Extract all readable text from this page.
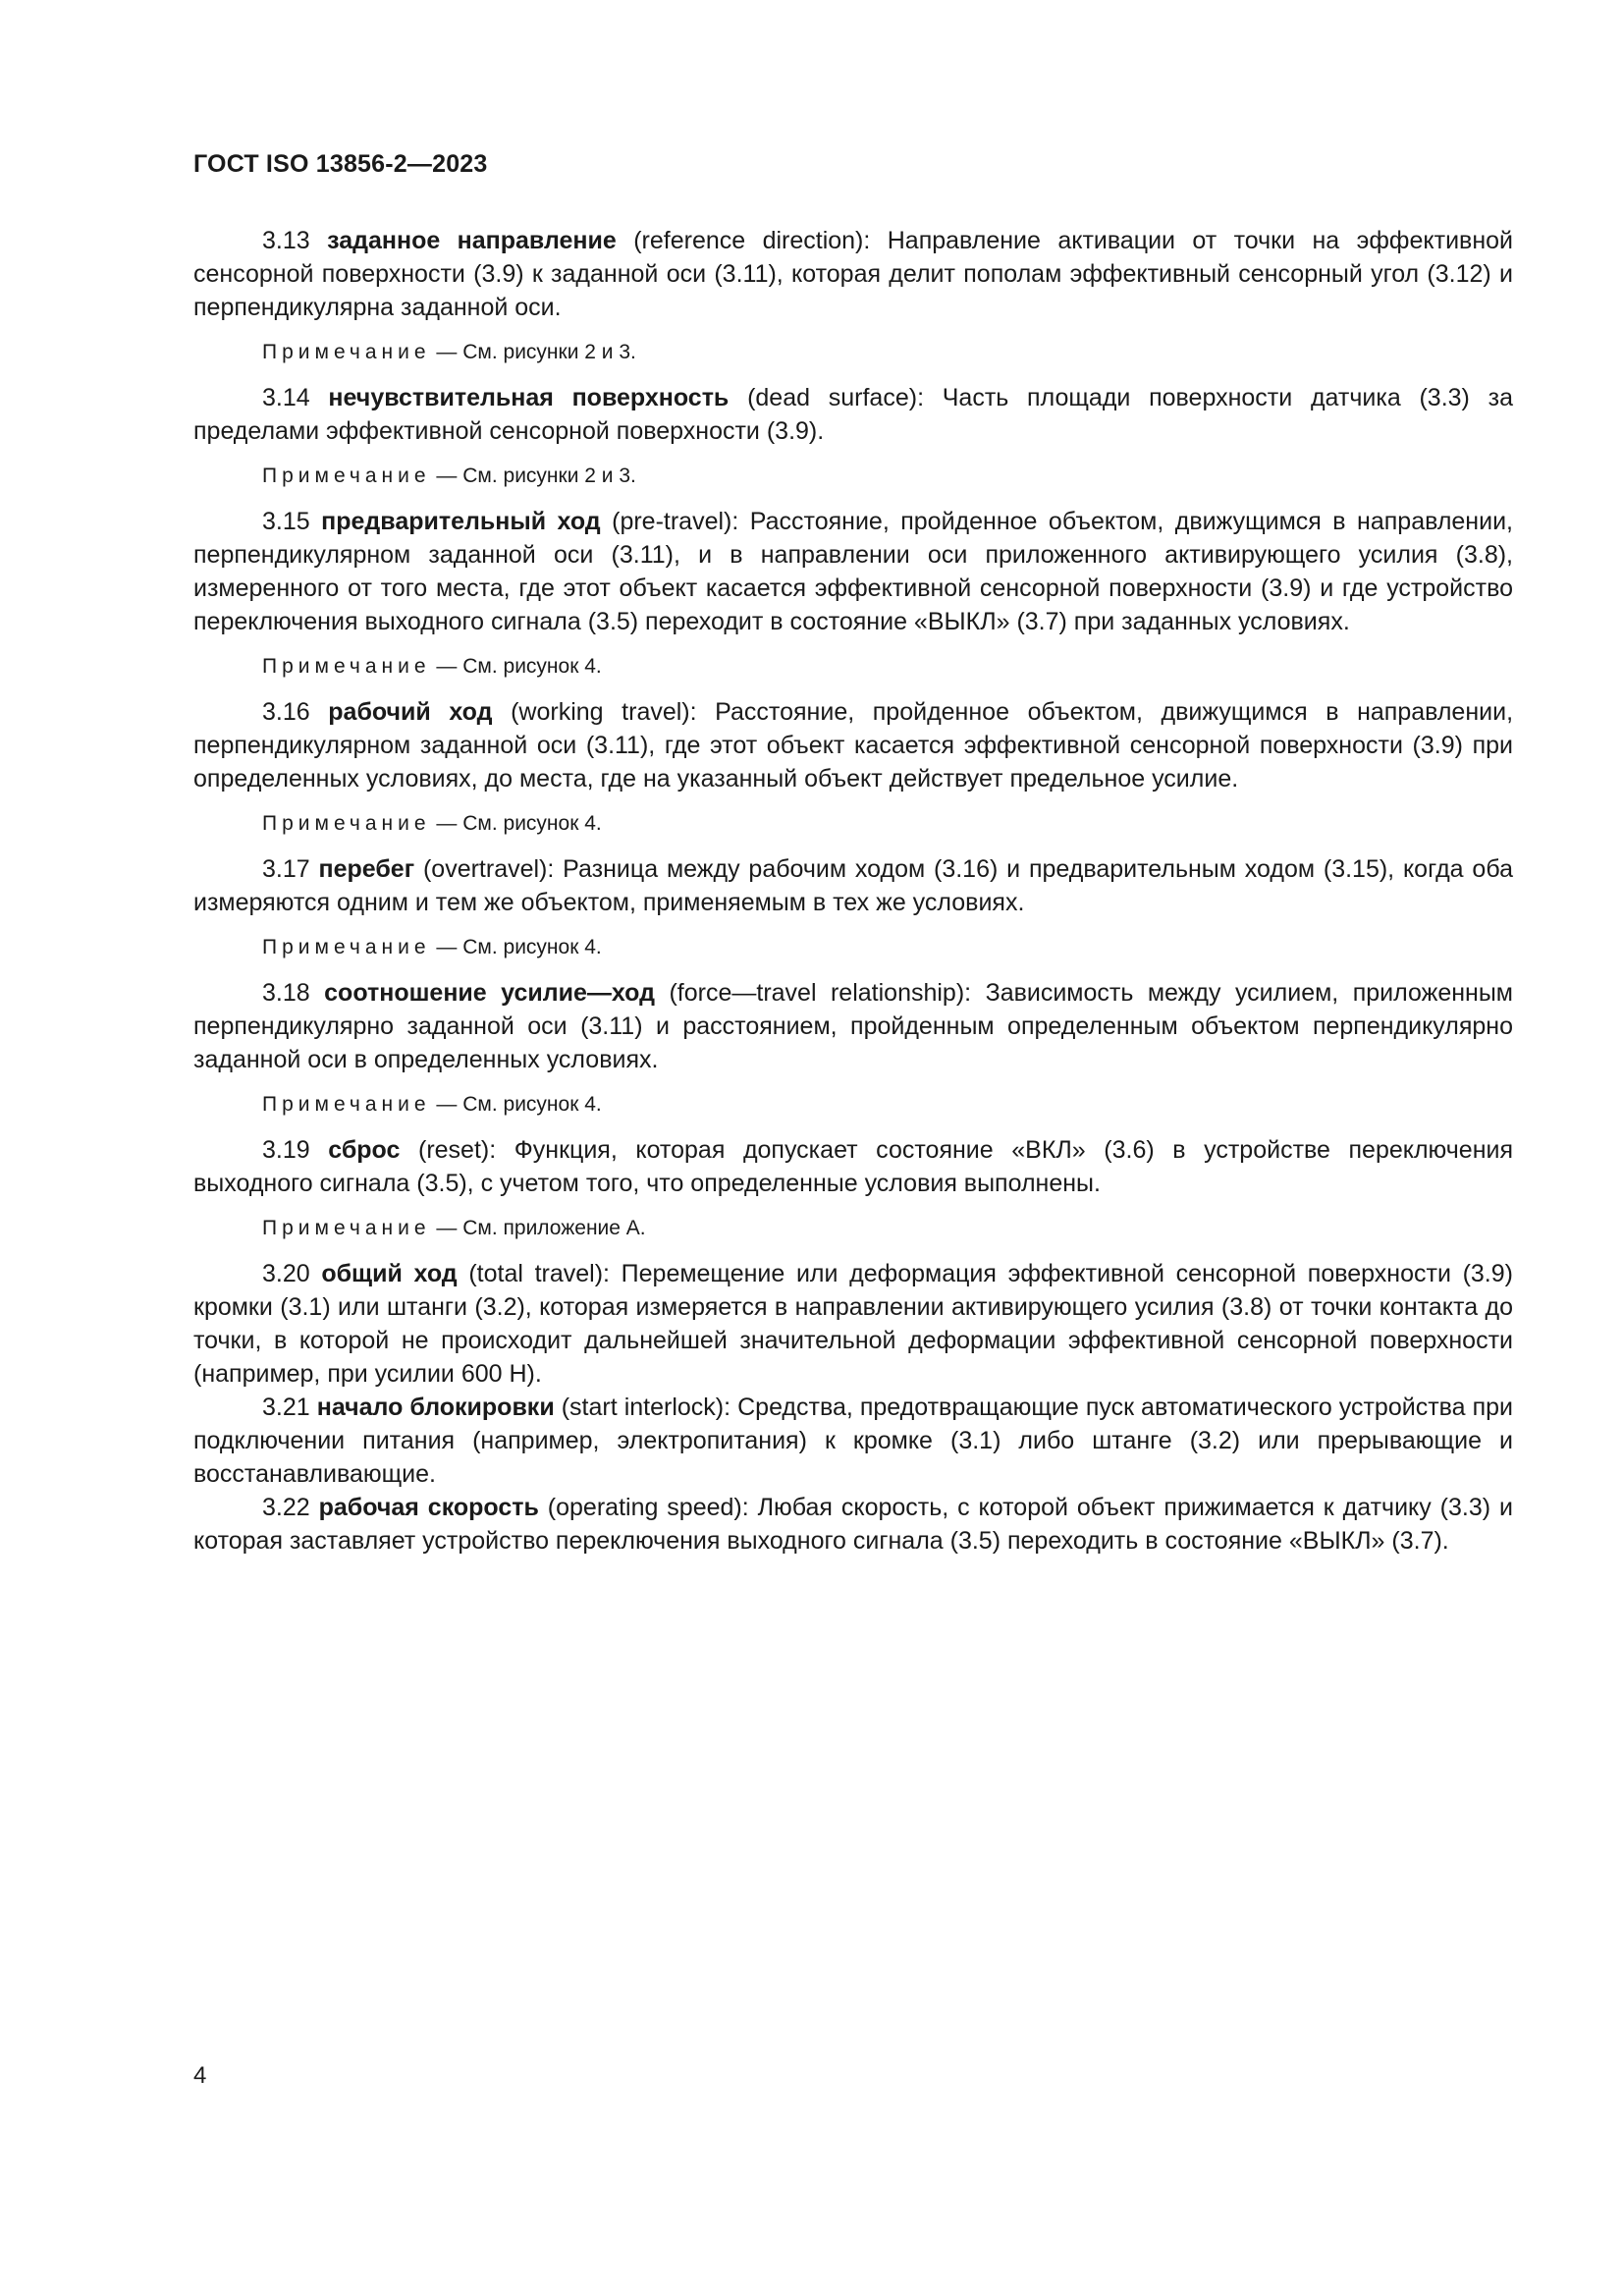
ГОСТ ISO 13856-2—2023

3.13 заданное направление (reference direction): Направление активации от точки на эффективной сенсорной поверхности (3.9) к заданной оси (3.11), которая делит пополам эффективный сенсорный угол (3.12) и перпендикулярна заданной оси.

Примечание — См. рисунки 2 и 3.

3.14 нечувствительная поверхность (dead surface): Часть площади поверхности датчика (3.3) за пределами эффективной сенсорной поверхности (3.9).

Примечание — См. рисунки 2 и 3.

3.15 предварительный ход (pre-travel): Расстояние, пройденное объектом, движущимся в направлении, перпендикулярном заданной оси (3.11), и в направлении оси приложенного активирующего усилия (3.8), измеренного от того места, где этот объект касается эффективной сенсорной поверхности (3.9) и где устройство переключения выходного сигнала (3.5) переходит в состояние «ВЫКЛ» (3.7) при заданных условиях.

Примечание — См. рисунок 4.

3.16 рабочий ход (working travel): Расстояние, пройденное объектом, движущимся в направлении, перпендикулярном заданной оси (3.11), где этот объект касается эффективной сенсорной поверхности (3.9) при определенных условиях, до места, где на указанный объект действует предельное усилие.

Примечание — См. рисунок 4.

3.17 перебег (overtravel): Разница между рабочим ходом (3.16) и предварительным ходом (3.15), когда оба измеряются одним и тем же объектом, применяемым в тех же условиях.

Примечание — См. рисунок 4.

3.18 соотношение усилие—ход (force—travel relationship): Зависимость между усилием, приложенным перпендикулярно заданной оси (3.11) и расстоянием, пройденным определенным объектом перпендикулярно заданной оси в определенных условиях.

Примечание — См. рисунок 4.

3.19 сброс (reset): Функция, которая допускает состояние «ВКЛ» (3.6) в устройстве переключения выходного сигнала (3.5), с учетом того, что определенные условия выполнены.

Примечание — См. приложение А.

3.20 общий ход (total travel): Перемещение или деформация эффективной сенсорной поверхности (3.9) кромки (3.1) или штанги (3.2), которая измеряется в направлении активирующего усилия (3.8) от точки контакта до точки, в которой не происходит дальнейшей значительной деформации эффективной сенсорной поверхности (например, при усилии 600 Н).

3.21 начало блокировки (start interlock): Средства, предотвращающие пуск автоматического устройства при подключении питания (например, электропитания) к кромке (3.1) либо штанге (3.2) или прерывающие и восстанавливающие.

3.22 рабочая скорость (operating speed): Любая скорость, с которой объект прижимается к датчику (3.3) и которая заставляет устройство переключения выходного сигнала (3.5) переходить в состояние «ВЫКЛ» (3.7).

4
